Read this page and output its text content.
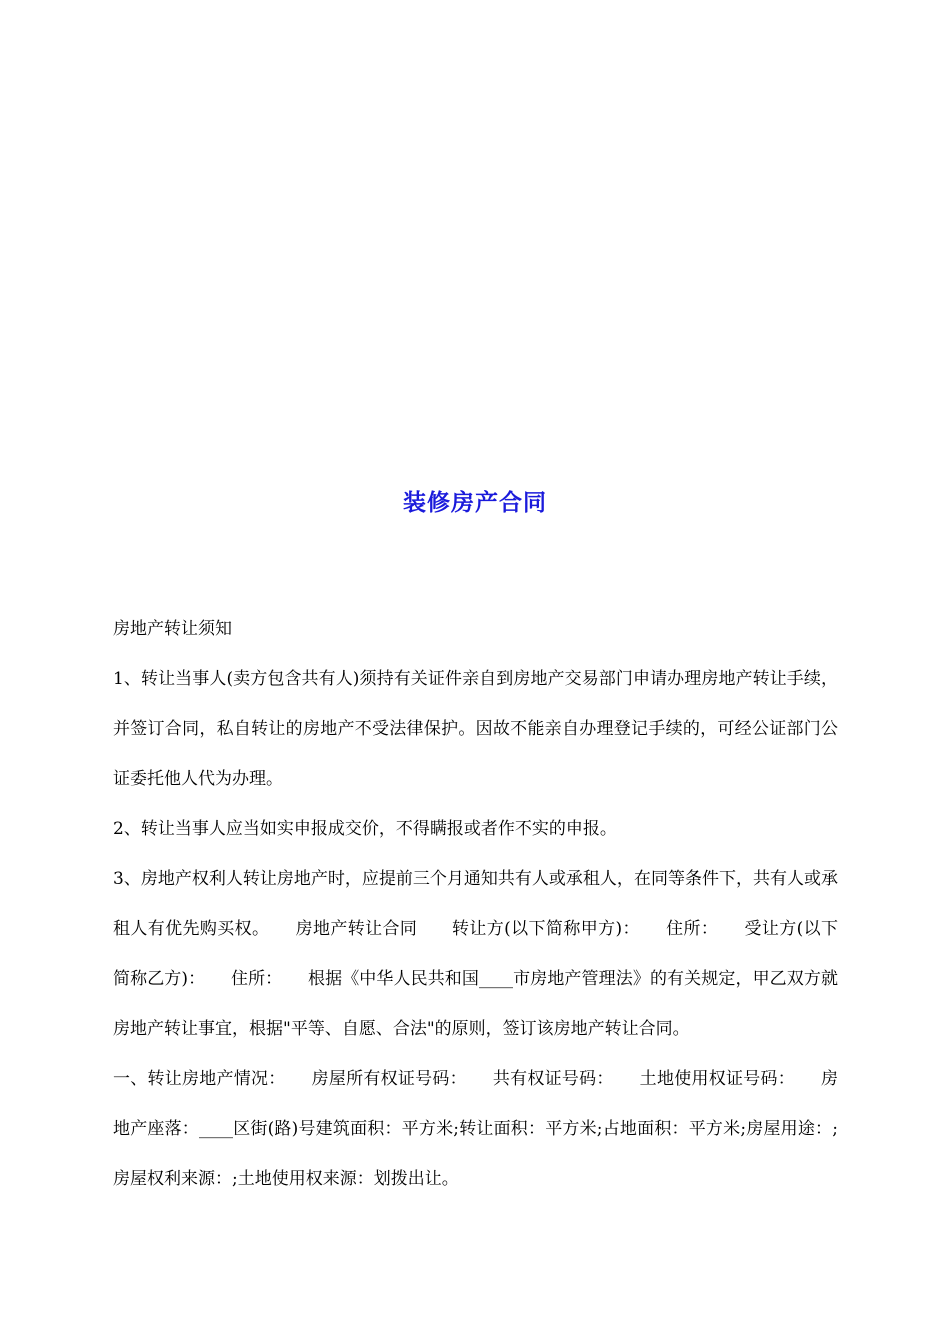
装修房产合同

房地产转让须知

1、转让当事人(卖方包含共有人)须持有关证件亲自到房地产交易部门申请办理房地产转让手续，并签订合同，私自转让的房地产不受法律保护。因故不能亲自办理登记手续的，可经公证部门公证委托他人代为办理。

2、转让当事人应当如实申报成交价，不得瞒报或者作不实的申报。

3、房地产权利人转让房地产时，应提前三个月通知共有人或承租人，在同等条件下，共有人或承租人有优先购买权。　　房地产转让合同　　转让方(以下简称甲方)：　　住所：　　受让方(以下简称乙方)：　　住所：　　根据《中华人民共和国____市房地产管理法》的有关规定，甲乙双方就房地产转让事宜，根据"平等、自愿、合法"的原则，签订该房地产转让合同。

一、转让房地产情况：　　房屋所有权证号码：　　共有权证号码：　　土地使用权证号码：　　房地产座落：____区街(路)号建筑面积：平方米;转让面积：平方米;占地面积：平方米;房屋用途：;房屋权利来源：;土地使用权来源：划拨出让。
